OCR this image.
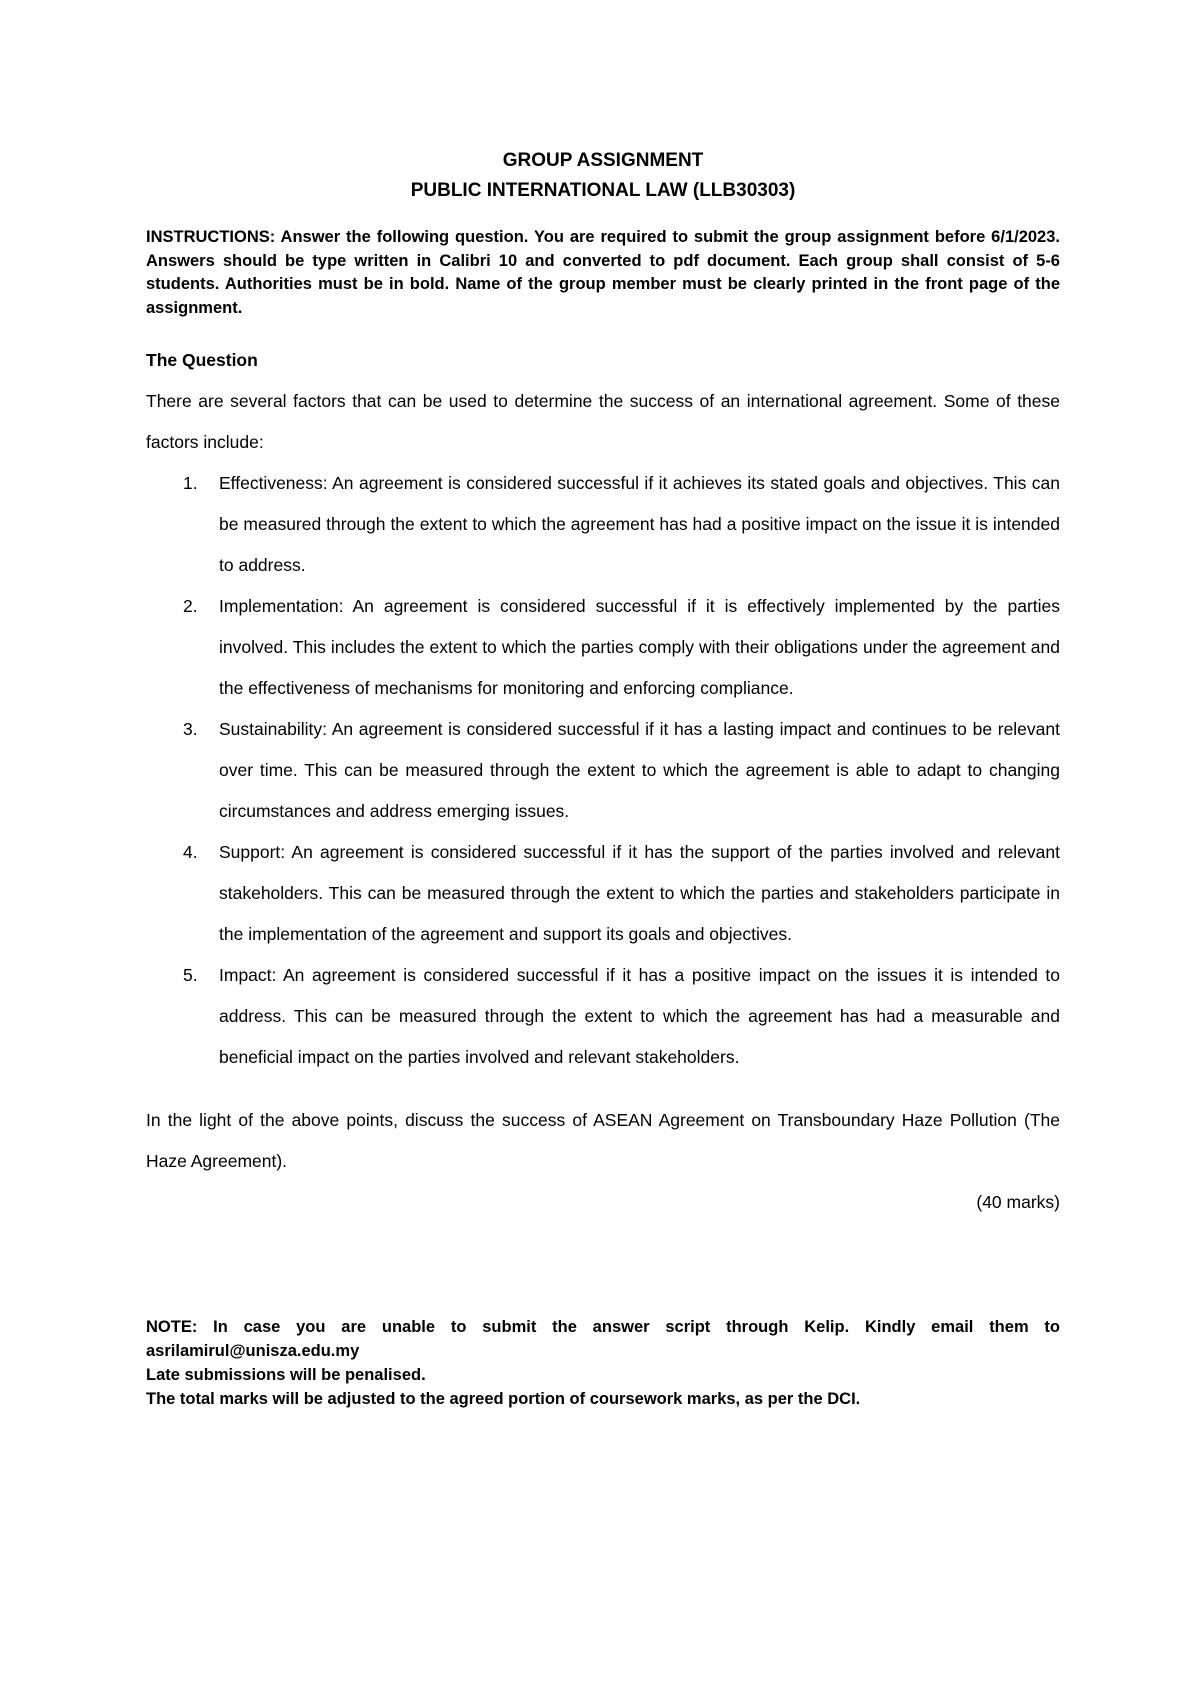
GROUP ASSIGNMENT
PUBLIC INTERNATIONAL LAW (LLB30303)
INSTRUCTIONS: Answer the following question. You are required to submit the group assignment before 6/1/2023. Answers should be type written in Calibri 10 and converted to pdf document. Each group shall consist of 5-6 students. Authorities must be in bold. Name of the group member must be clearly printed in the front page of the assignment.
The Question
There are several factors that can be used to determine the success of an international agreement. Some of these factors include:
1. Effectiveness: An agreement is considered successful if it achieves its stated goals and objectives. This can be measured through the extent to which the agreement has had a positive impact on the issue it is intended to address.
2. Implementation: An agreement is considered successful if it is effectively implemented by the parties involved. This includes the extent to which the parties comply with their obligations under the agreement and the effectiveness of mechanisms for monitoring and enforcing compliance.
3. Sustainability: An agreement is considered successful if it has a lasting impact and continues to be relevant over time. This can be measured through the extent to which the agreement is able to adapt to changing circumstances and address emerging issues.
4. Support: An agreement is considered successful if it has the support of the parties involved and relevant stakeholders. This can be measured through the extent to which the parties and stakeholders participate in the implementation of the agreement and support its goals and objectives.
5. Impact: An agreement is considered successful if it has a positive impact on the issues it is intended to address. This can be measured through the extent to which the agreement has had a measurable and beneficial impact on the parties involved and relevant stakeholders.
In the light of the above points, discuss the success of ASEAN Agreement on Transboundary Haze Pollution (The Haze Agreement).
(40 marks)
NOTE: In case you are unable to submit the answer script through Kelip. Kindly email them to asrilamirul@unisza.edu.my
Late submissions will be penalised.
The total marks will be adjusted to the agreed portion of coursework marks, as per the DCI.
